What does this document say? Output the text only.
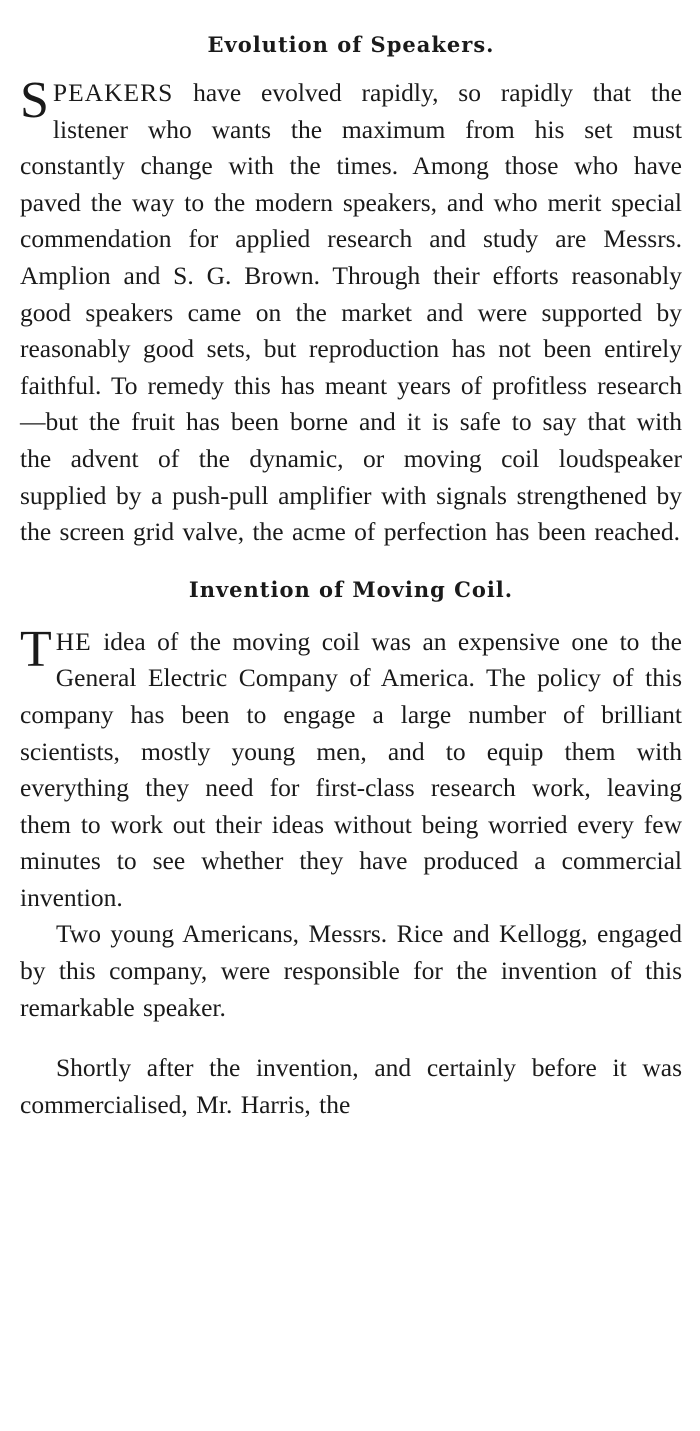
Evolution of Speakers.

SPEAKERS have evolved rapidly, so rapidly that the listener who wants the maximum from his set must constantly change with the times. Among those who have paved the way to the modern speakers, and who merit special commendation for applied research and study are Messrs. Amplion and S. G. Brown. Through their efforts reasonably good speakers came on the market and were supported by reasonably good sets, but reproduction has not been entirely faithful. To remedy this has meant years of profitless research—but the fruit has been borne and it is safe to say that with the advent of the dynamic, or moving coil loudspeaker supplied by a push-pull amplifier with signals strengthened by the screen grid valve, the acme of perfection has been reached.

Invention of Moving Coil.

THE idea of the moving coil was an expensive one to the General Electric Company of America. The policy of this company has been to engage a large number of brilliant scientists, mostly young men, and to equip them with everything they need for first-class research work, leaving them to work out their ideas without being worried every few minutes to see whether they have produced a commercial invention.

Two young Americans, Messrs. Rice and Kellogg, engaged by this company, were responsible for the invention of this remarkable speaker.

Shortly after the invention, and certainly before it was commercialised, Mr. Harris, the
